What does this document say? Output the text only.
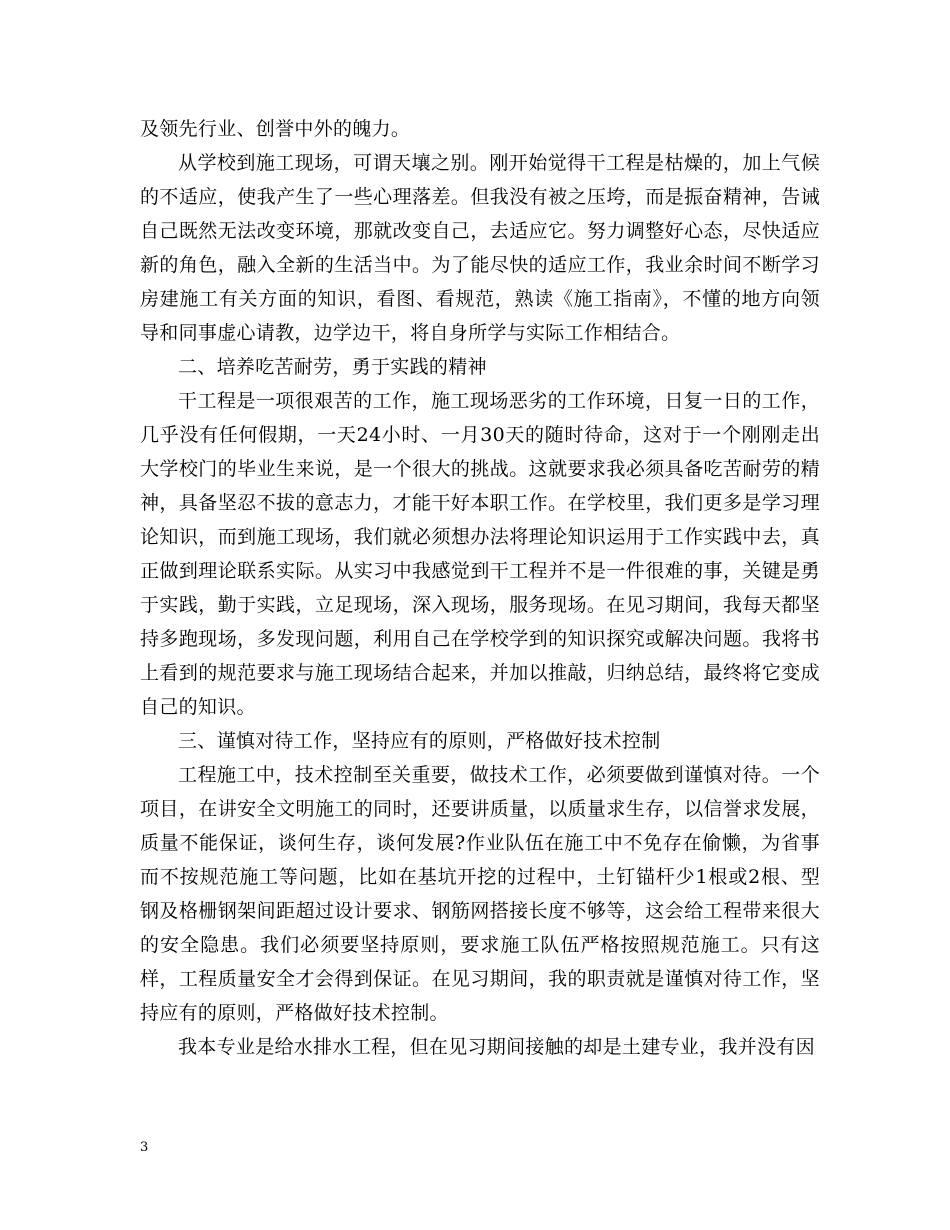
及领先行业、创誉中外的魄力。

从学校到施工现场，可谓天壤之别。刚开始觉得干工程是枯燥的，加上气候的不适应，使我产生了一些心理落差。但我没有被之压垮，而是振奋精神，告诫自己既然无法改变环境，那就改变自己，去适应它。努力调整好心态，尽快适应新的角色，融入全新的生活当中。为了能尽快的适应工作，我业余时间不断学习房建施工有关方面的知识，看图、看规范，熟读《施工指南》，不懂的地方向领导和同事虚心请教，边学边干，将自身所学与实际工作相结合。

二、培养吃苦耐劳，勇于实践的精神

干工程是一项很艰苦的工作，施工现场恶劣的工作环境，日复一日的工作，几乎没有任何假期，一天24小时、一月30天的随时待命，这对于一个刚刚走出大学校门的毕业生来说，是一个很大的挑战。这就要求我必须具备吃苦耐劳的精神，具备坚忍不拔的意志力，才能干好本职工作。在学校里，我们更多是学习理论知识，而到施工现场，我们就必须想办法将理论知识运用于工作实践中去，真正做到理论联系实际。从实习中我感觉到干工程并不是一件很难的事，关键是勇于实践，勤于实践，立足现场，深入现场，服务现场。在见习期间，我每天都坚持多跑现场，多发现问题，利用自己在学校学到的知识探究或解决问题。我将书上看到的规范要求与施工现场结合起来，并加以推敲，归纳总结，最终将它变成自己的知识。

三、谨慎对待工作，坚持应有的原则，严格做好技术控制

工程施工中，技术控制至关重要，做技术工作，必须要做到谨慎对待。一个项目，在讲安全文明施工的同时，还要讲质量，以质量求生存，以信誉求发展，质量不能保证，谈何生存，谈何发展?作业队伍在施工中不免存在偷懒，为省事而不按规范施工等问题，比如在基坑开挖的过程中，土钉锚杆少1根或2根、型钢及格栅钢架间距超过设计要求、钢筋网搭接长度不够等，这会给工程带来很大的安全隐患。我们必须要坚持原则，要求施工队伍严格按照规范施工。只有这样，工程质量安全才会得到保证。在见习期间，我的职责就是谨慎对待工作，坚持应有的原则，严格做好技术控制。

我本专业是给水排水工程，但在见习期间接触的却是土建专业，我并没有因

3
